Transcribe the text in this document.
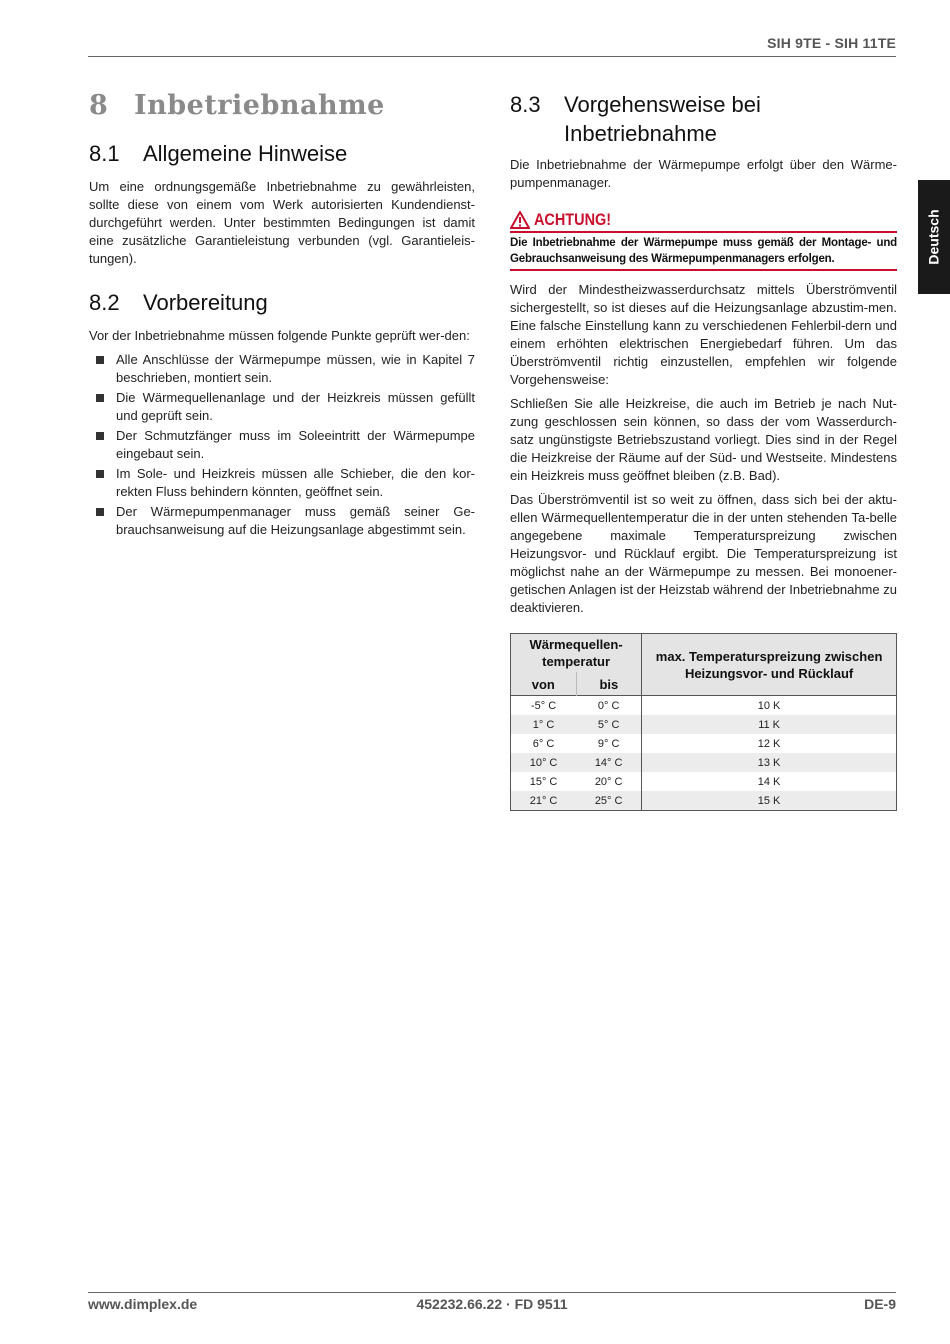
SIH 9TE - SIH 11TE
Deutsch
8 Inbetriebnahme
8.1	Allgemeine Hinweise

Um eine ordnungsgemäße Inbetriebnahme zu gewährleisten, sollte diese von einem vom Werk autorisierten Kundendienst-durchgeführt werden. Unter bestimmten Bedingungen ist damit eine zusätzliche Garantieleistung verbunden (vgl. Garantieleis-tungen).

8.2	Vorbereitung

Vor der Inbetriebnahme müssen folgende Punkte geprüft wer-den:

Alle Anschlüsse der Wärmepumpe müssen, wie in Kapitel 7 beschrieben, montiert sein.
Die Wärmequellenanlage und der Heizkreis müssen gefüllt und geprüft sein.
Der Schmutzfänger muss im Soleeintritt der Wärmepumpe eingebaut sein.
Im Sole- und Heizkreis müssen alle Schieber, die den kor-rekten Fluss behindern könnten, geöffnet sein.
Der Wärmepumpenmanager muss gemäß seiner Ge-brauchsanweisung auf die Heizungsanlage abgestimmt sein.
8.3	Vorgehensweise bei Inbetriebnahme

Die Inbetriebnahme der Wärmepumpe erfolgt über den Wärme-pumpenmanager.

ACHTUNG!
Die Inbetriebnahme der Wärmepumpe muss gemäß der Montage- und Gebrauchsanweisung des Wärmepumpenmanagers erfolgen.

Wird der Mindestheizwasserdurchsatz mittels Überströmventil sichergestellt, so ist dieses auf die Heizungsanlage abzustim-men. Eine falsche Einstellung kann zu verschiedenen Fehlerbil-dern und einem erhöhten elektrischen Energiebedarf führen. Um das Überströmventil richtig einzustellen, empfehlen wir folgende Vorgehensweise:

Schließen Sie alle Heizkreise, die auch im Betrieb je nach Nut-zung geschlossen sein können, so dass der vom Wasserdurch-satz ungünstigste Betriebszustand vorliegt. Dies sind in der Regel die Heizkreise der Räume auf der Süd- und Westseite. Mindestens ein Heizkreis muss geöffnet bleiben (z.B. Bad).

Das Überströmventil ist so weit zu öffnen, dass sich bei der aktu-ellen Wärmequellentemperatur die in der unten stehenden Ta-belle angegebene maximale Temperaturspreizung zwischen Heizungsvor- und Rücklauf ergibt. Die Temperaturspreizung ist möglichst nahe an der Wärmepumpe zu messen. Bei monoener-getischen Anlagen ist der Heizstab während der Inbetriebnahme zu deaktivieren.

Wärmequellen-temperatur		max. Temperaturspreizung zwischen Heizungsvor- und Rücklauf
von	bis	
-5° C	0° C	10 K
1° C	5° C	11 K
6° C	9° C	12 K
10° C	14° C	13 K
15° C	20° C	14 K
21° C	25° C	15 K
www.dimplex.de	452232.66.22 · FD 9511	DE-9
